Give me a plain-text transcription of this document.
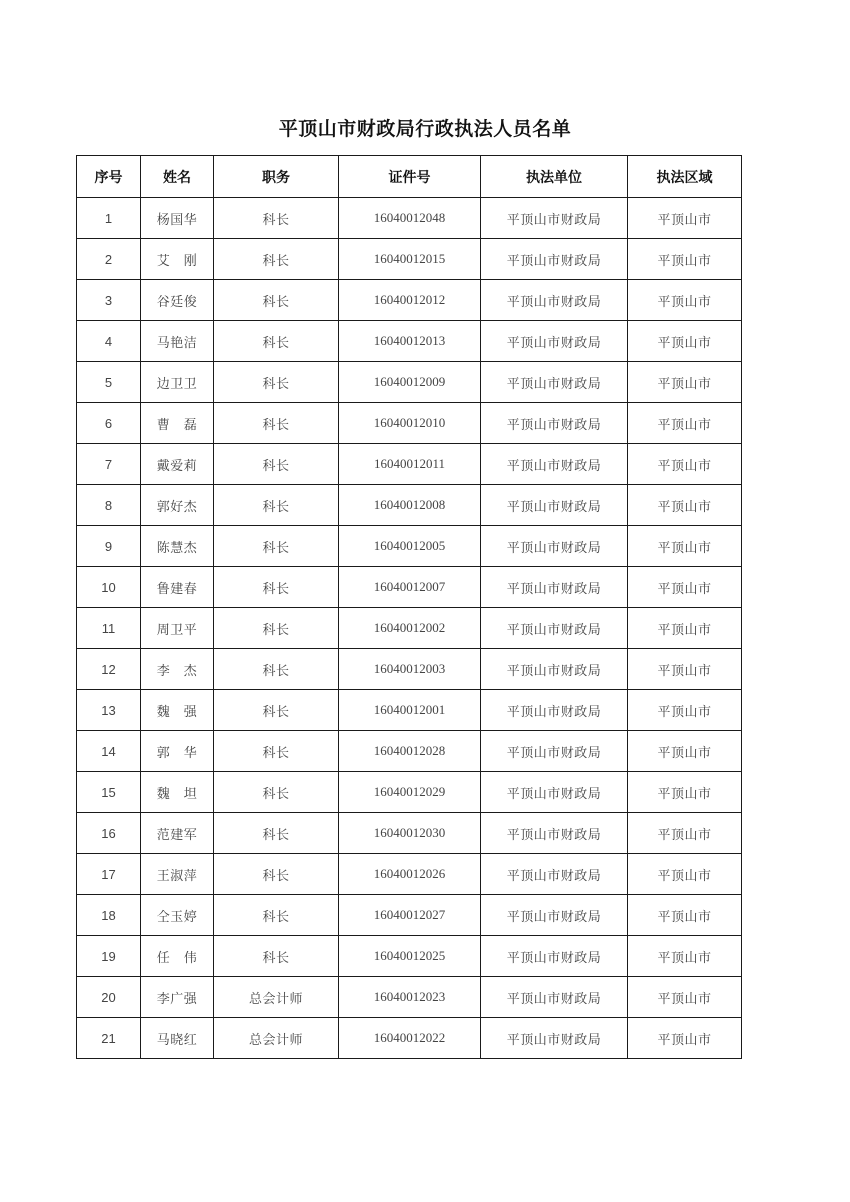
平顶山市财政局行政执法人员名单
序号	姓名	职务	证件号	执法单位	执法区域
1	杨国华	科长	16040012048	平顶山市财政局	平顶山市
2	艾　刚	科长	16040012015	平顶山市财政局	平顶山市
3	谷廷俊	科长	16040012012	平顶山市财政局	平顶山市
4	马艳洁	科长	16040012013	平顶山市财政局	平顶山市
5	边卫卫	科长	16040012009	平顶山市财政局	平顶山市
6	曹　磊	科长	16040012010	平顶山市财政局	平顶山市
7	戴爱莉	科长	16040012011	平顶山市财政局	平顶山市
8	郭好杰	科长	16040012008	平顶山市财政局	平顶山市
9	陈慧杰	科长	16040012005	平顶山市财政局	平顶山市
10	鲁建春	科长	16040012007	平顶山市财政局	平顶山市
11	周卫平	科长	16040012002	平顶山市财政局	平顶山市
12	李　杰	科长	16040012003	平顶山市财政局	平顶山市
13	魏　强	科长	16040012001	平顶山市财政局	平顶山市
14	郭　华	科长	16040012028	平顶山市财政局	平顶山市
15	魏　坦	科长	16040012029	平顶山市财政局	平顶山市
16	范建军	科长	16040012030	平顶山市财政局	平顶山市
17	王淑萍	科长	16040012026	平顶山市财政局	平顶山市
18	仝玉婷	科长	16040012027	平顶山市财政局	平顶山市
19	任　伟	科长	16040012025	平顶山市财政局	平顶山市
20	李广强	总会计师	16040012023	平顶山市财政局	平顶山市
21	马晓红	总会计师	16040012022	平顶山市财政局	平顶山市
